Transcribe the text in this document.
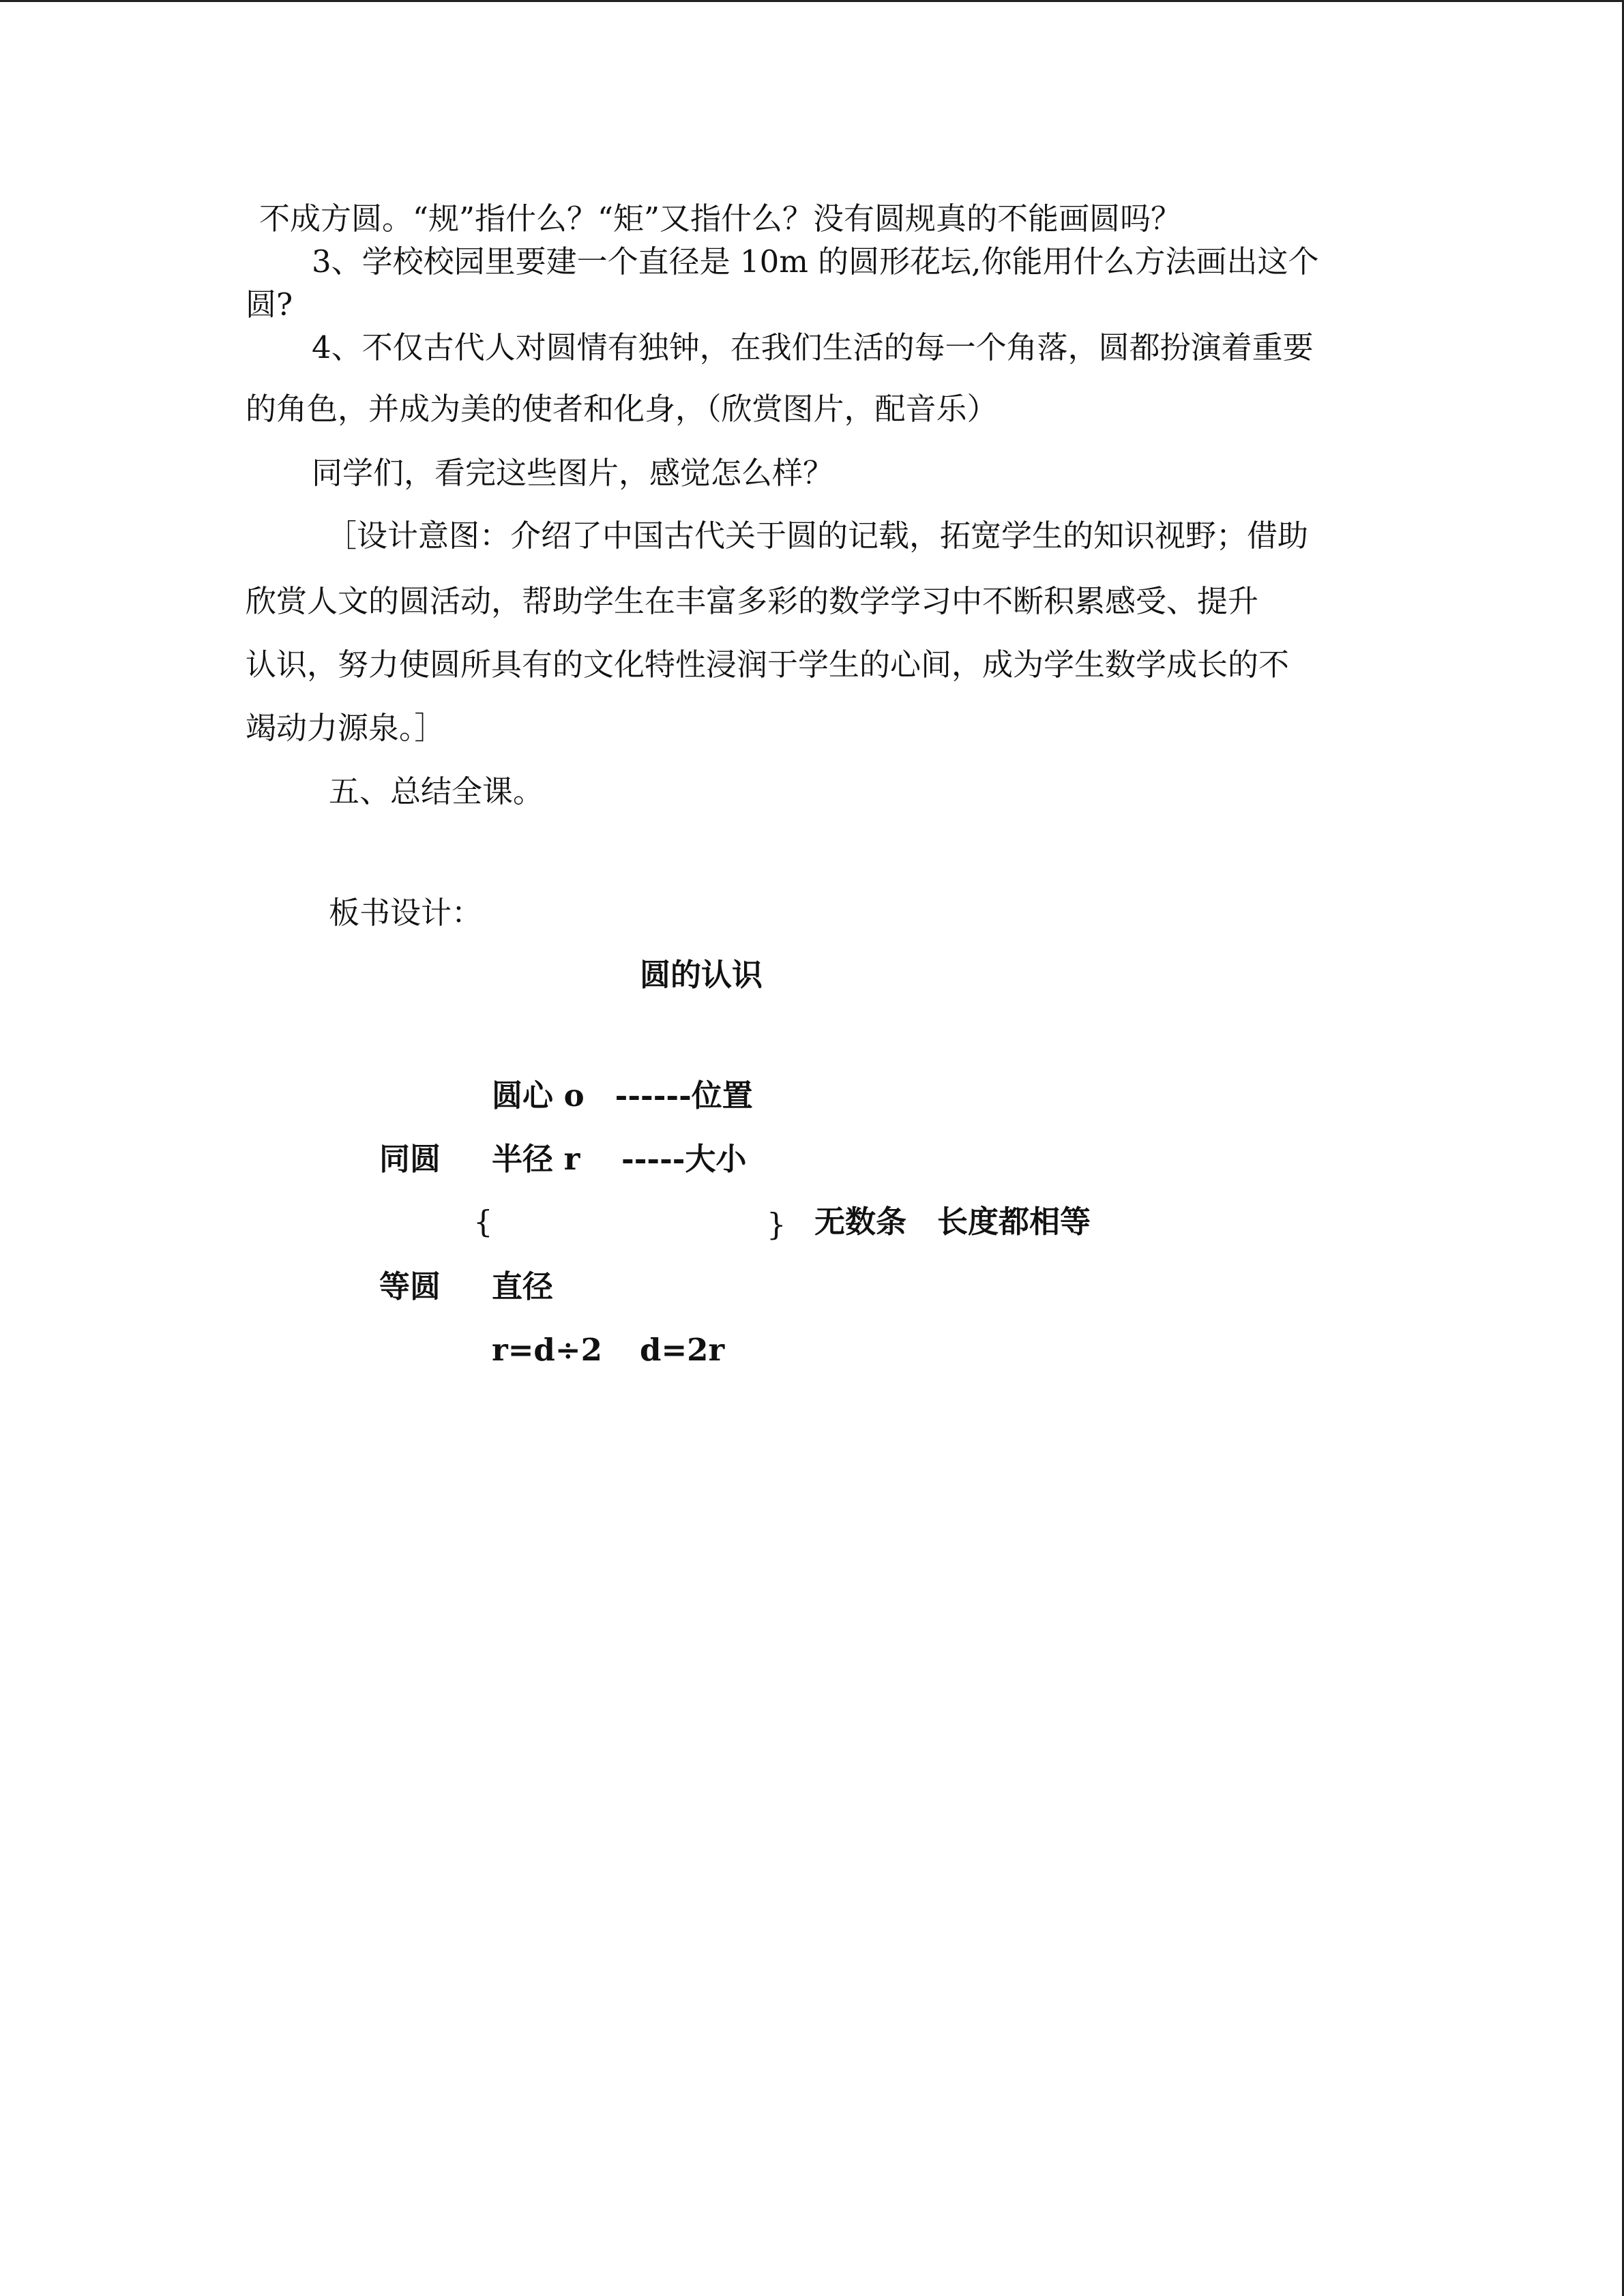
不成方圆。“规”指什么？“矩”又指什么？没有圆规真的不能画圆吗？
3、学校校园里要建一个直径是 10m 的圆形花坛,你能用什么方法画出这个
圆?
4、不仅古代人对圆情有独钟，在我们生活的每一个角落，圆都扮演着重要
的角色，并成为美的使者和化身，（欣赏图片，配音乐）
同学们，看完这些图片，感觉怎么样？
［设计意图：介绍了中国古代关于圆的记载，拓宽学生的知识视野；借助
欣赏人文的圆活动，帮助学生在丰富多彩的数学学习中不断积累感受、提升
认识，努力使圆所具有的文化特性浸润于学生的心间，成为学生数学成长的不
竭动力源泉。］
五、总结全课。
板书设计：
圆的认识
圆心 o　------位置
同圆 半径 r　 -----大小
{	} 无数条　长度都相等
等圆 直径
r=d÷2 d=2r
